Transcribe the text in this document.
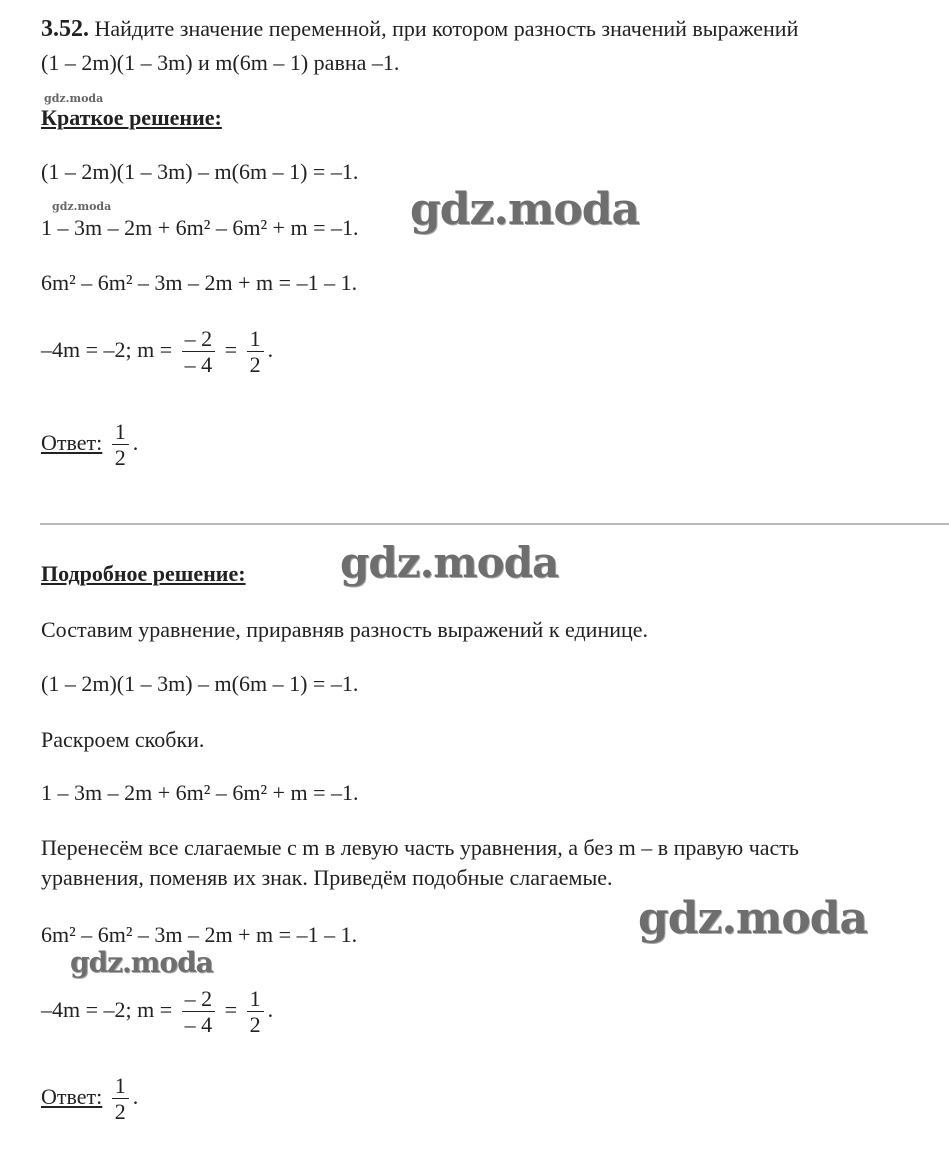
3.52. Найдите значение переменной, при котором разность значений выражений
(1 – 2m)(1 – 3m) и m(6m – 1) равна –1.
gdz.moda
Краткое решение:
(1 – 2m)(1 – 3m) – m(6m – 1) = –1.
gdz.moda
1 – 3m – 2m + 6m² – 6m² + m = –1. gdz.moda
6m² – 6m² – 3m – 2m + m = –1 – 1.
–4m = –2; $m = \frac{- 2}{- 4} = \frac{1}{2}$ .
Ответ: $\frac{1}{2}$ .
Подробное решение: gdz.moda
Составим уравнение, приравняв разность выражений к единице.
(1 – 2m)(1 – 3m) – m(6m – 1) = –1.
Раскроем скобки.
1 – 3m – 2m + 6m² – 6m² + m = –1.
Перенесём все слагаемые с m в левую часть уравнения, а без m – в правую часть
уравнения, поменяв их знак. Приведём подобные слагаемые.
gdz.moda
6m² – 6m² – 3m – 2m + m = –1 – 1.
gdz.moda
–4m = –2; $m = \frac{- 2}{- 4} = \frac{1}{2}$ .
Ответ: $\frac{1}{2}$ .
